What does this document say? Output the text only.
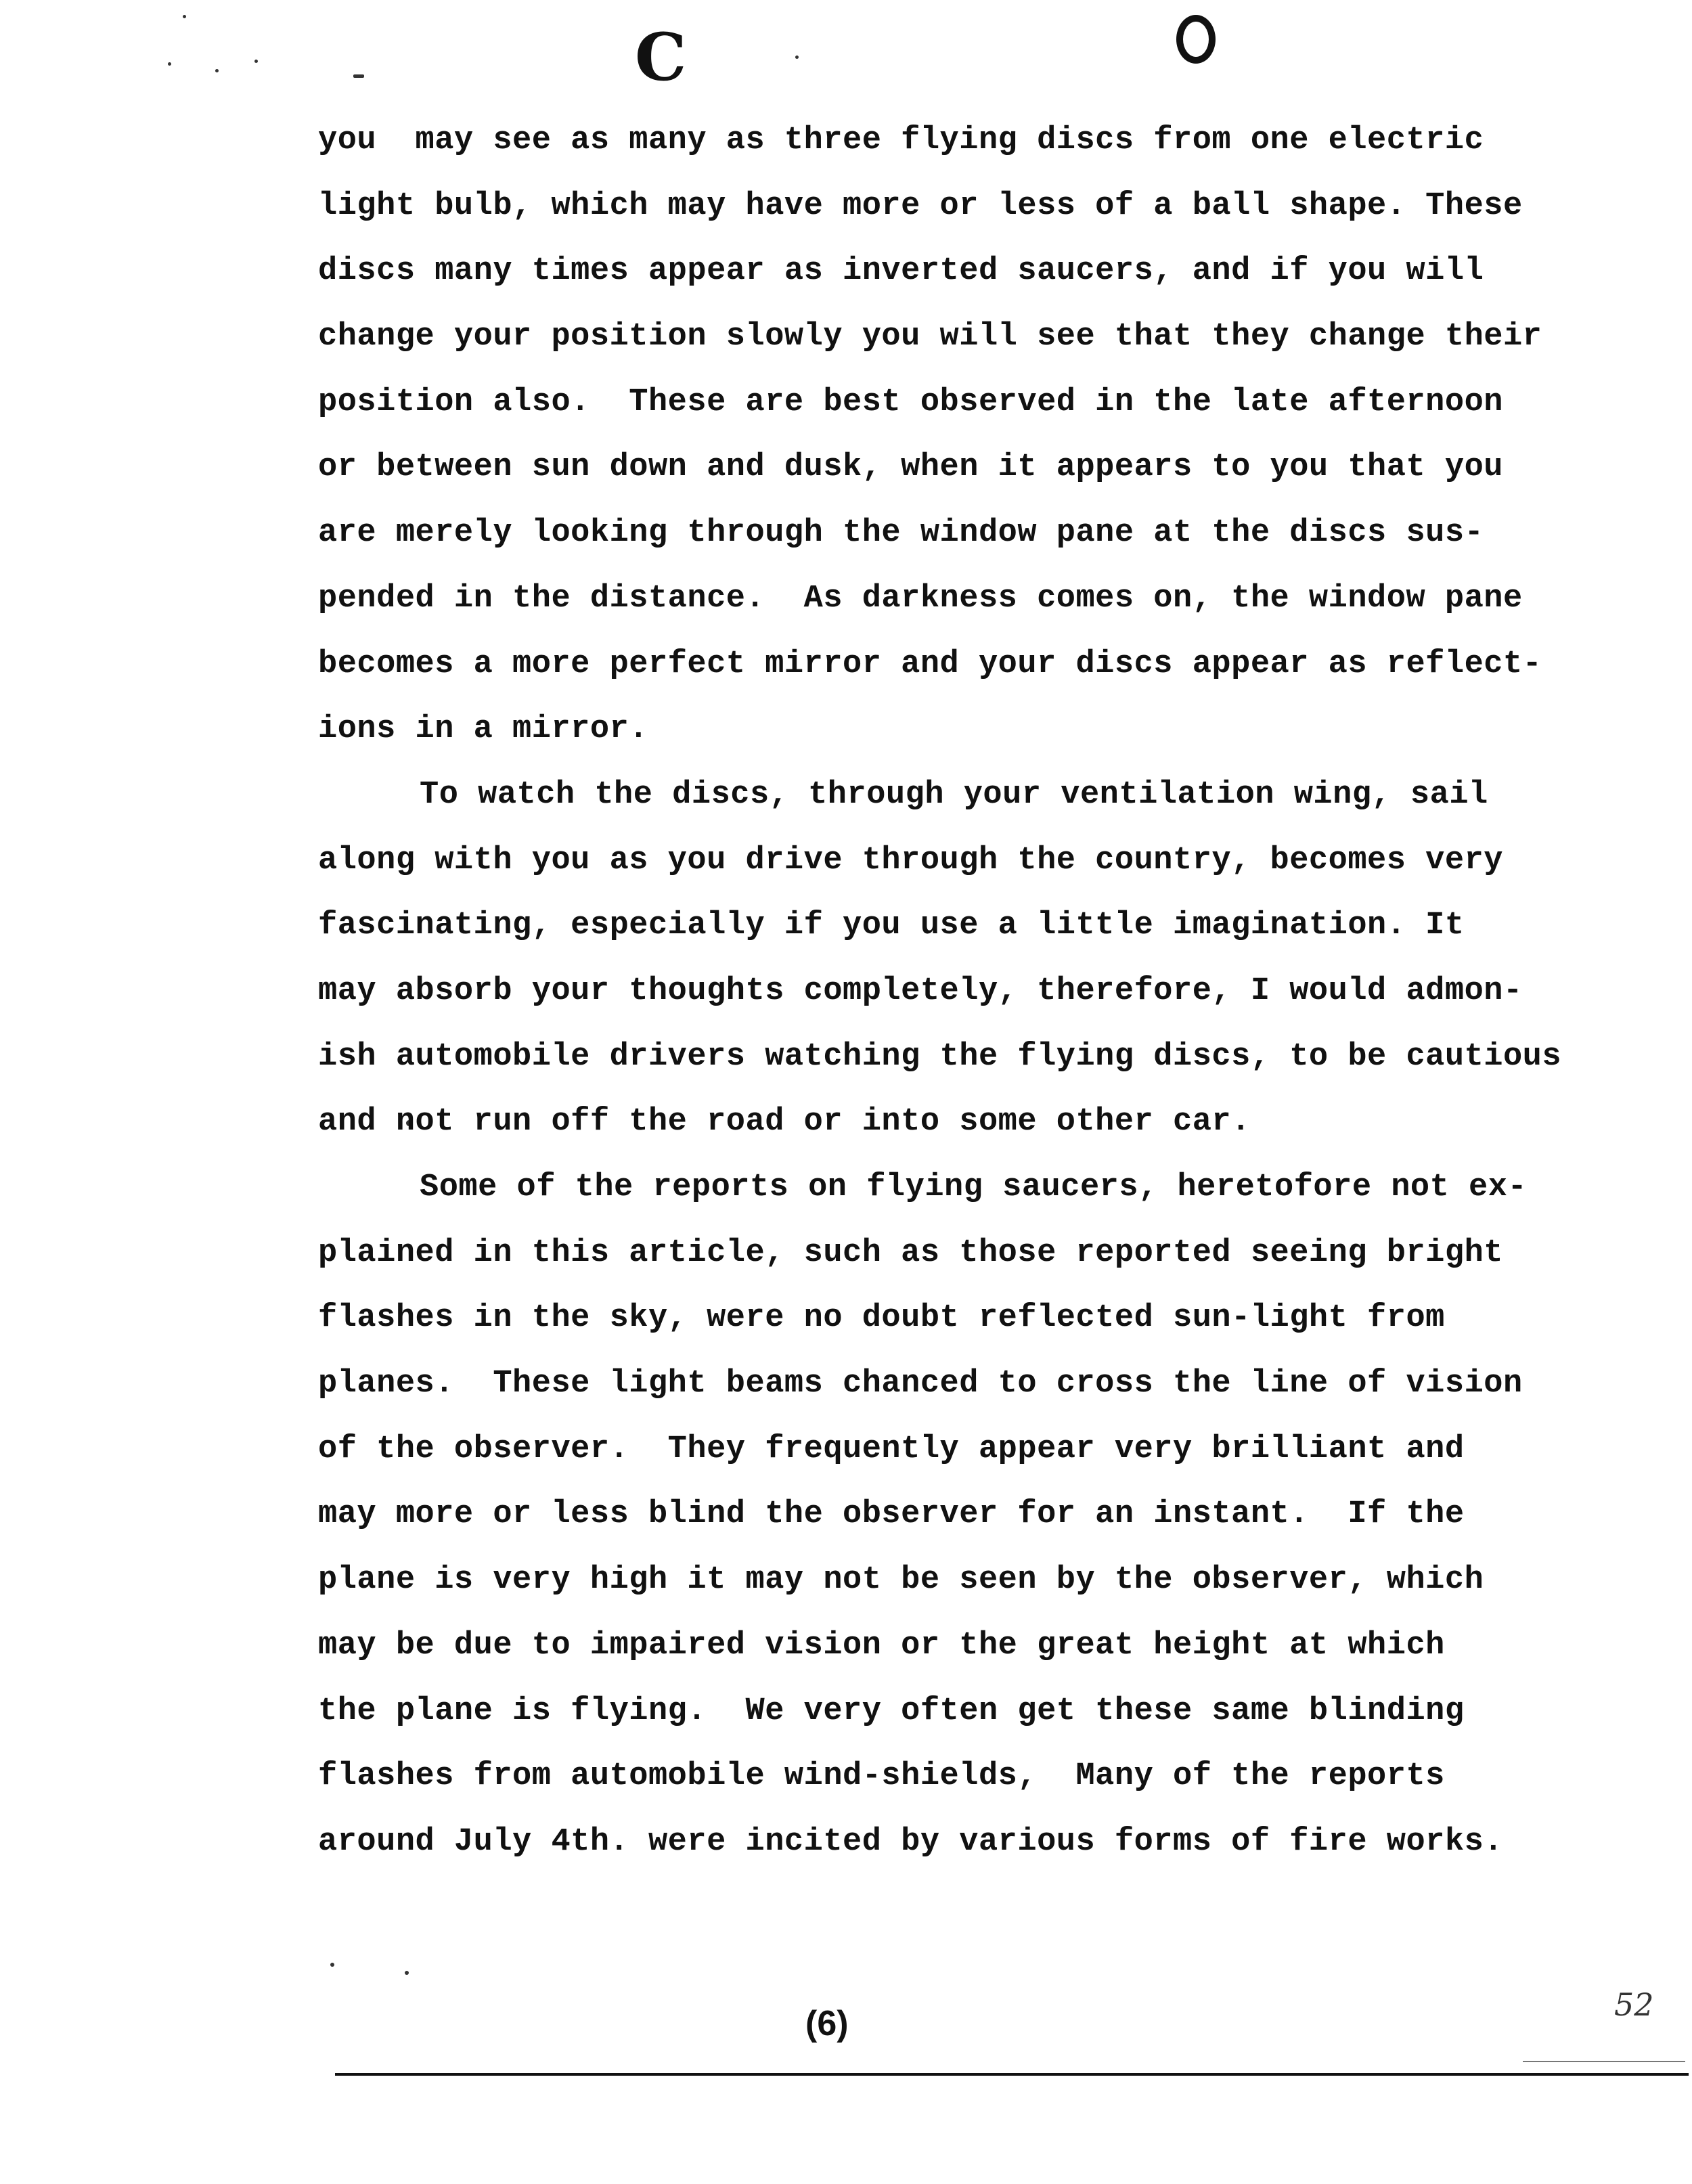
C
you  may see as many as three flying discs from one electric
light bulb, which may have more or less of a ball shape. These
discs many times appear as inverted saucers, and if you will
change your position slowly you will see that they change their
position also.  These are best observed in the late afternoon
or between sun down and dusk, when it appears to you that you
are merely looking through the window pane at the discs sus-
pended in the distance.  As darkness comes on, the window pane
becomes a more perfect mirror and your discs appear as reflect-
ions in a mirror.
To watch the discs, through your ventilation wing, sail
along with you as you drive through the country, becomes very
fascinating, especially if you use a little imagination. It
may absorb your thoughts completely, therefore, I would admon-
ish automobile drivers watching the flying discs, to be cautious
and not run off the road or into some other car.
Some of the reports on flying saucers, heretofore not ex-
plained in this article, such as those reported seeing bright
flashes in the sky, were no doubt reflected sun-light from
planes.  These light beams chanced to cross the line of vision
of the observer.  They frequently appear very brilliant and
may more or less blind the observer for an instant.  If the
plane is very high it may not be seen by the observer, which
may be due to impaired vision or the great height at which
the plane is flying.  We very often get these same blinding
flashes from automobile wind-shields,  Many of the reports
around July 4th. were incited by various forms of fire works.
(6)	52
